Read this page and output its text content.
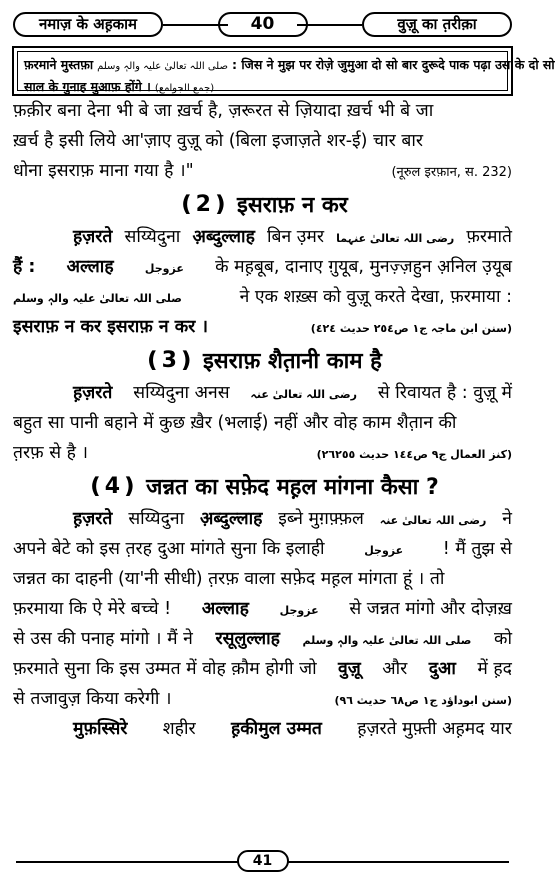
नमाज़ के अह़काम	40	वुज़ू का त़रीक़ा
फ़रमाने मुस्तफ़ा صلی اللہ تعالیٰ علیہ والہٖ وسلم : जिस ने मुझ पर रोज़े जुमुआ दो सो बार दुरूदे पाक पढ़ा उस के दो सो
साल के गुनाह मुआफ़ होंगे । (جمع الجوامع)
फ़क़ीर बना देना भी बे जा ख़र्च है, ज़रूरत से ज़ियादा ख़र्च भी बे जा
ख़र्च है इसी लिये आ'ज़ाए वुज़ू को (बिला इजाज़ते शर-ई) चार बार
धोना इसराफ़ माना गया है ।"	(नूरुल इरफ़ान, स. 232)
❪ 2 ❫
इसराफ़ न कर
ह़ज़रते सय्यिदुना अ़ब्दुल्लाह बिन उ़मर رضی اللہ تعالیٰ عنہما फ़रमाते
हैं : अल्लाह	عزوجل के मह़बूब, दानाए ग़ुयूब, मुनज़्ज़हुन अ़निल उ़यूब
صلی اللہ تعالیٰ علیہ والہٖ وسلم	ने एक शख़्स को वुज़ू करते देखा, फ़रमाया :
इसराफ़ न कर इसराफ़ न कर ।	(سنن ابن ماجہ ج١ ص٢٥٤ حدیث ٤٢٤)
❪ 3 ❫
इसराफ़ शैत़ानी काम है
ह़ज़रते सय्यिदुना अनस رضی اللہ تعالیٰ عنہ से रिवायत है : वुज़ू में
बहुत सा पानी बहाने में कुछ ख़ैर (भलाई) नहीं और वोह काम शैत़ान की
त़रफ़ से है ।	(کنز العمال ج٩ ص١٤٤ حدیث ٢٦٢٥٥)
❪ 4 ❫
जन्नत का सफ़ेद मह़ल मांगना कैसा ?
ह़ज़रते सय्यिदुना अ़ब्दुल्लाह इब्ने मुग़फ़्फ़ल رضی اللہ تعالیٰ عنہ ने
अपने बेटे को इस त़रह दुआ मांगते सुना कि इलाही	عزوجل ! मैं तुझ से
जन्नत का दाहनी (या'नी सीधी) त़रफ़ वाला सफ़ेद मह़ल मांगता हूं । तो
फ़रमाया कि ऐ मेरे बच्चे ! अल्लाह	عزوجل से जन्नत मांगो और दोज़ख़
से उस की पनाह मांगो । मैं ने रसूलुल्लाह صلی اللہ تعالیٰ علیہ والہٖ وسلم को
फ़रमाते सुना कि इस उम्मत में वोह क़ौम होगी जो वुज़ू और दुआ में ह़द
से तजावुज़ किया करेगी ।	(سنن ابوداؤد ج١ ص٦٨ حدیث ٩٦)
मुफ़स्सिरे शहीर ह़कीमुल उम्मत ह़ज़रते मुफ़्ती अह़मद यार
41
